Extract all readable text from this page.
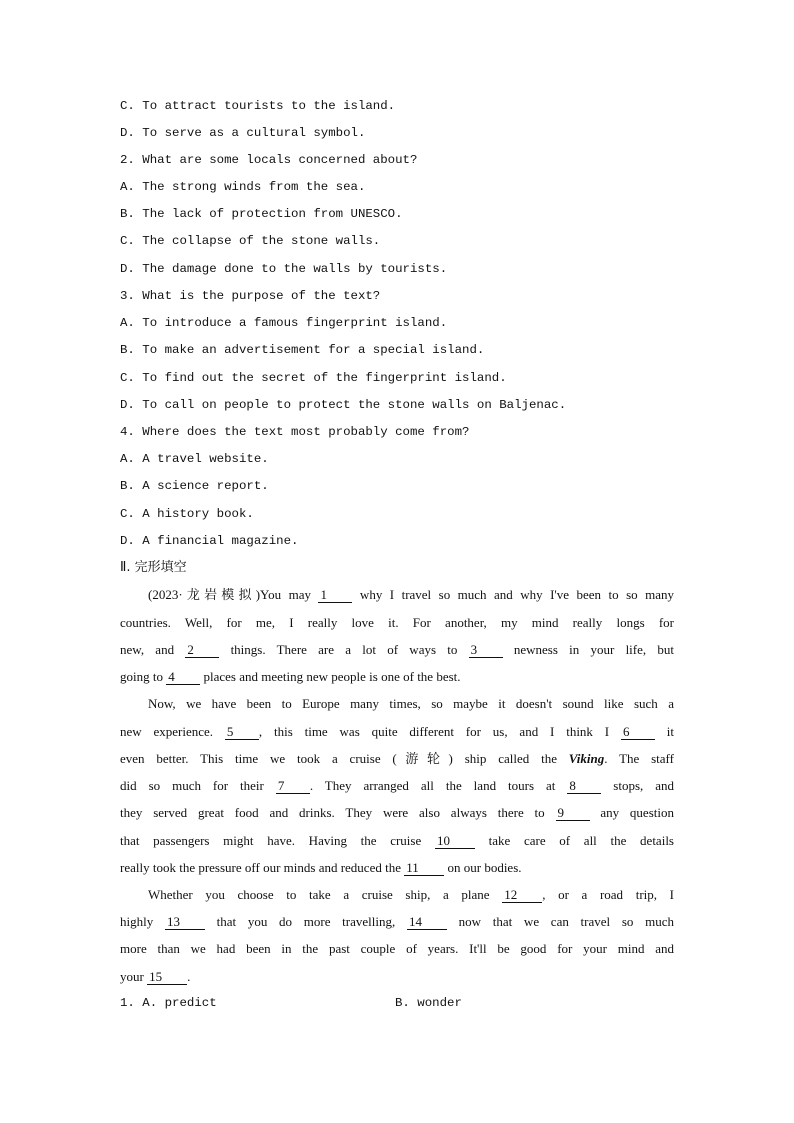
C. To attract tourists to the island.
D. To serve as a cultural symbol.
2. What are some locals concerned about?
A. The strong winds from the sea.
B. The lack of protection from UNESCO.
C. The collapse of the stone walls.
D. The damage done to the walls by tourists.
3. What is the purpose of the text?
A. To introduce a famous fingerprint island.
B. To make an advertisement for a special island.
C. To find out the secret of the fingerprint island.
D. To call on people to protect the stone walls on Baljenac.
4. Where does the text most probably come from?
A. A travel website.
B. A science report.
C. A history book.
D. A financial magazine.
Ⅱ. 完形填空
(2023·龙岩模拟)You may 1 why I travel so much and why I've been to so many
countries. Well, for me, I really love it. For another, my mind really longs for
new, and 2 things. There are a lot of ways to 3 newness in your life, but
going to 4 places and meeting new people is one of the best.
Now, we have been to Europe many times, so maybe it doesn't sound like such a
new experience. 5 , this time was quite different for us, and I think I 6 it
even better. This time we took a cruise (游轮) ship called the Viking. The staff
did so much for their 7 . They arranged all the land tours at 8 stops, and
they served great food and drinks. They were also always there to 9 any question
that passengers might have. Having the cruise 10 take care of all the details
really took the pressure off our minds and reduced the 11 on our bodies.
Whether you choose to take a cruise ship, a plane 12 , or a road trip, I
highly 13 that you do more travelling, 14 now that we can travel so much
more than we had been in the past couple of years. It'll be good for your mind and
your 15 .
1. A. predict	B. wonder
